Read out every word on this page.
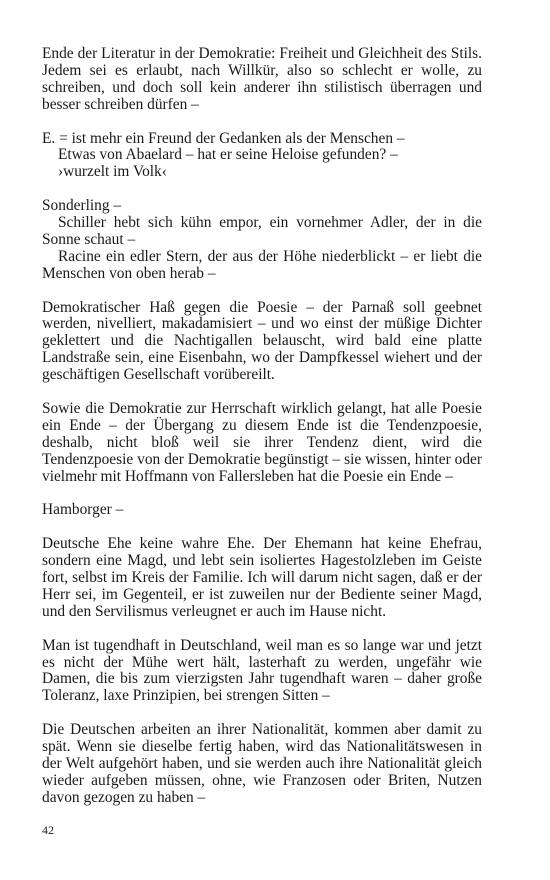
Ende der Literatur in der Demokratie: Freiheit und Gleichheit des Stils. Jedem sei es erlaubt, nach Willkür, also so schlecht er wolle, zu schreiben, und doch soll kein anderer ihn stilistisch überragen und besser schreiben dürfen –

E. = ist mehr ein Freund der Gedanken als der Menschen –

Etwas von Abaelard – hat er seine Heloise gefunden? –

›wurzelt im Volk‹

Sonderling –

Schiller hebt sich kühn empor, ein vornehmer Adler, der in die Sonne schaut –

Racine ein edler Stern, der aus der Höhe niederblickt – er liebt die Menschen von oben herab –

Demokratischer Haß gegen die Poesie – der Parnaß soll geebnet werden, nivelliert, makadamisiert – und wo einst der müßige Dichter geklettert und die Nachtigallen belauscht, wird bald eine platte Landstraße sein, eine Eisenbahn, wo der Dampfkessel wiehert und der geschäftigen Gesellschaft vorübereilt.

Sowie die Demokratie zur Herrschaft wirklich gelangt, hat alle Poesie ein Ende – der Übergang zu diesem Ende ist die Tendenzpoesie, deshalb, nicht bloß weil sie ihrer Tendenz dient, wird die Tendenzpoesie von der Demokratie begünstigt – sie wissen, hinter oder vielmehr mit Hoffmann von Fallersleben hat die Poesie ein Ende –

Hamborger –

Deutsche Ehe keine wahre Ehe. Der Ehemann hat keine Ehefrau, sondern eine Magd, und lebt sein isoliertes Hagestolzleben im Geiste fort, selbst im Kreis der Familie. Ich will darum nicht sagen, daß er der Herr sei, im Gegenteil, er ist zuweilen nur der Bediente seiner Magd, und den Servilismus verleugnet er auch im Hause nicht.

Man ist tugendhaft in Deutschland, weil man es so lange war und jetzt es nicht der Mühe wert hält, lasterhaft zu werden, ungefähr wie Damen, die bis zum vierzigsten Jahr tugendhaft waren – daher große Toleranz, laxe Prinzipien, bei strengen Sitten –

Die Deutschen arbeiten an ihrer Nationalität, kommen aber damit zu spät. Wenn sie dieselbe fertig haben, wird das Nationalitätswesen in der Welt aufgehört haben, und sie werden auch ihre Nationalität gleich wieder aufgeben müssen, ohne, wie Franzosen oder Briten, Nutzen davon gezogen zu haben –

42
